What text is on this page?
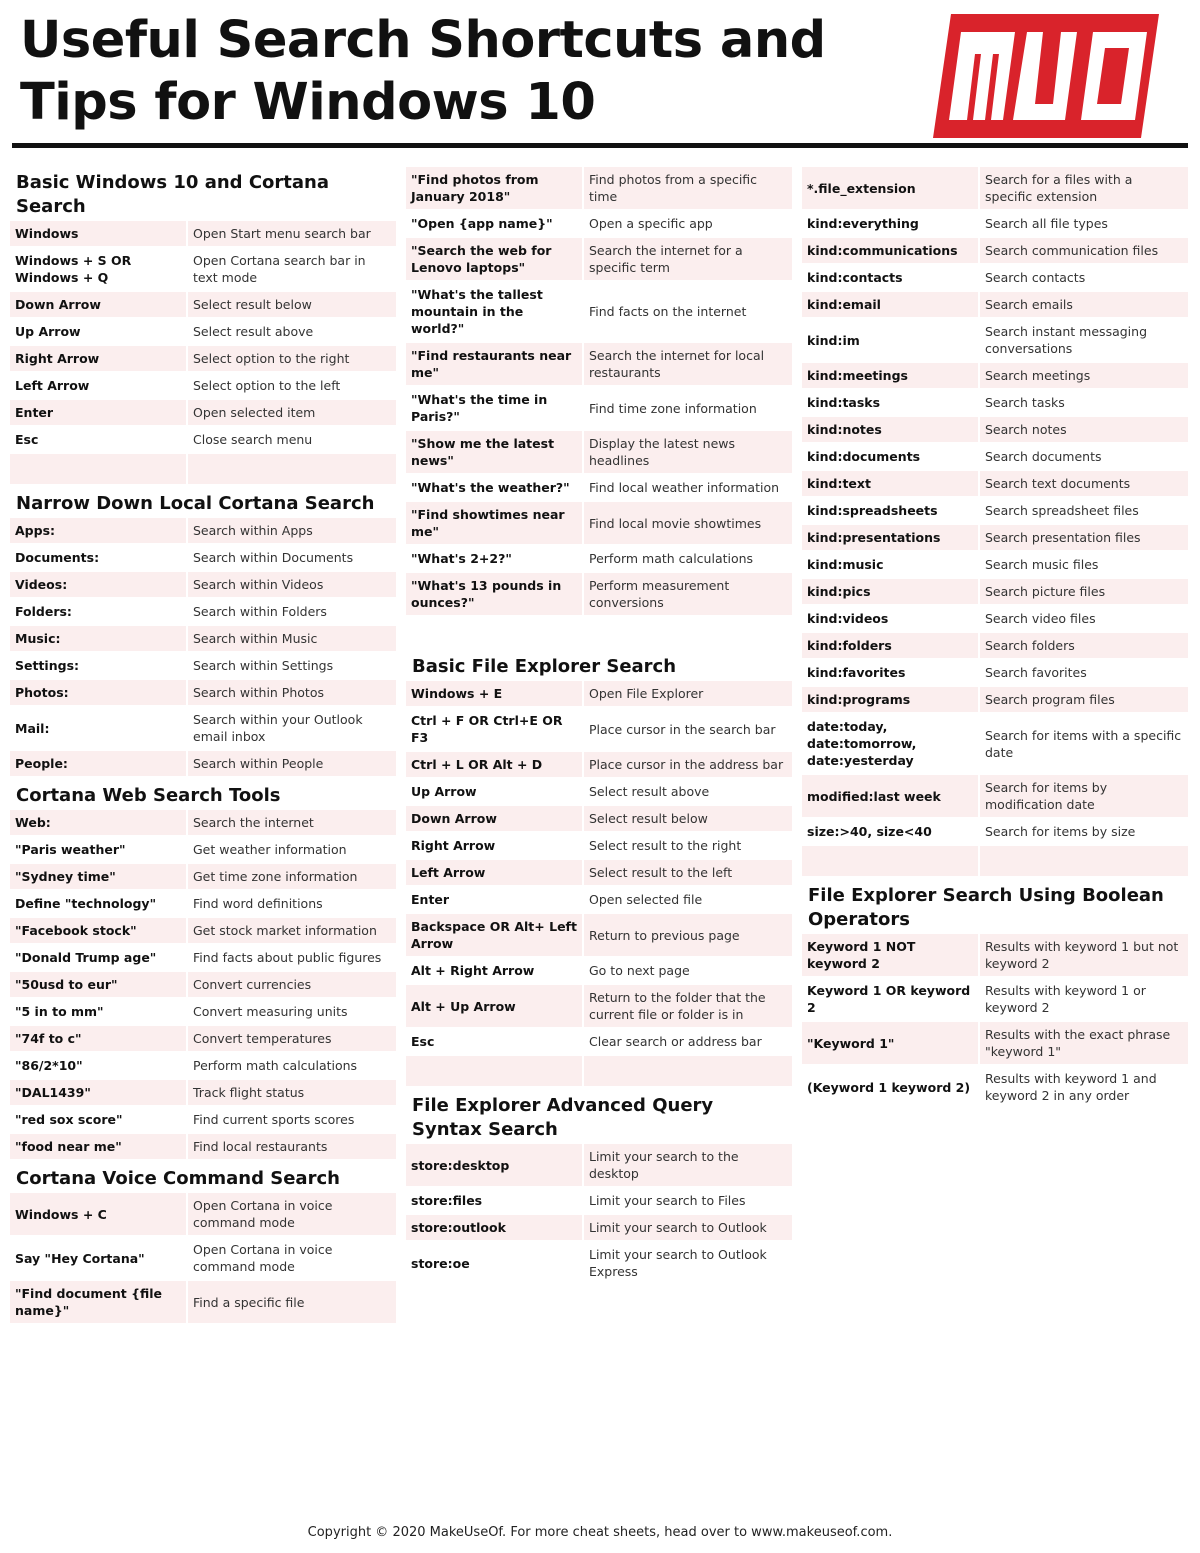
Useful Search Shortcuts and
Tips for Windows 10
Basic Windows 10 and Cortana Search
Windows	Open Start menu search bar
Windows + S OR Windows + Q	Open Cortana search bar in text mode
Down Arrow	Select result below
Up Arrow	Select result above
Right Arrow	Select option to the right
Left Arrow	Select option to the left
Enter	Open selected item
Esc	Close search menu

Narrow Down Local Cortana Search
Apps:	Search within Apps
Documents:	Search within Documents
Videos:	Search within Videos
Folders:	Search within Folders
Music:	Search within Music
Settings:	Search within Settings
Photos:	Search within Photos
Mail:	Search within your Outlook email inbox
People:	Search within People
Cortana Web Search Tools
Web:	Search the internet
"Paris weather"	Get weather information
"Sydney time"	Get time zone information
Define "technology"	Find word definitions
"Facebook stock"	Get stock market information
"Donald Trump age"	Find facts about public figures
"50usd to eur"	Convert currencies
"5 in to mm"	Convert measuring units
"74f to c"	Convert temperatures
"86/2*10"	Perform math calculations
"DAL1439"	Track flight status
"red sox score"	Find current sports scores
"food near me"	Find local restaurants
Cortana Voice Command Search
Windows + C	Open Cortana in voice command mode
Say "Hey Cortana"	Open Cortana in voice command mode
"Find document {file name}"	Find a specific file
"Find photos from January 2018"	Find photos from a specific time
"Open {app name}"	Open a specific app
"Search the web for Lenovo laptops"	Search the internet for a specific term
"What's the tallest mountain in the world?"	Find facts on the internet
"Find restaurants near me"	Search the internet for local restaurants
"What's the time in Paris?"	Find time zone information
"Show me the latest news"	Display the latest news headlines
"What's the weather?"	Find local weather information
"Find showtimes near me"	Find local movie showtimes
"What's 2+2?"	Perform math calculations
"What's 13 pounds in ounces?"	Perform measurement conversions

Basic File Explorer Search
Windows + E	Open File Explorer
Ctrl + F OR Ctrl+E OR F3	Place cursor in the search bar
Ctrl + L OR Alt + D	Place cursor in the address bar
Up Arrow	Select result above
Down Arrow	Select result below
Right Arrow	Select result to the right
Left Arrow	Select result to the left
Enter	Open selected file
Backspace OR Alt+ Left Arrow	Return to previous page
Alt + Right Arrow	Go to next page
Alt + Up Arrow	Return to the folder that the current file or folder is in
Esc	Clear search or address bar

File Explorer Advanced Query Syntax Search
store:desktop	Limit your search to the desktop
store:files	Limit your search to Files
store:outlook	Limit your search to Outlook
store:oe	Limit your search to Outlook Express
*.file_extension	Search for a files with a specific extension
kind:everything	Search all file types
kind:communications	Search communication files
kind:contacts	Search contacts
kind:email	Search emails
kind:im	Search instant messaging conversations
kind:meetings	Search meetings
kind:tasks	Search tasks
kind:notes	Search notes
kind:documents	Search documents
kind:text	Search text documents
kind:spreadsheets	Search spreadsheet files
kind:presentations	Search presentation files
kind:music	Search music files
kind:pics	Search picture files
kind:videos	Search video files
kind:folders	Search folders
kind:favorites	Search favorites
kind:programs	Search program files
date:today, date:tomorrow, date:yesterday	Search for items with a specific date
modified:last week	Search for items by modification date
size:>40, size<40	Search for items by size

File Explorer Search Using Boolean Operators
Keyword 1 NOT keyword 2	Results with keyword 1 but not keyword 2
Keyword 1 OR keyword 2	Results with keyword 1 or keyword 2
"Keyword 1"	Results with the exact phrase "keyword 1"
(Keyword 1 keyword 2)	Results with keyword 1 and keyword 2 in any order
Copyright © 2020 MakeUseOf. For more cheat sheets, head over to www.makeuseof.com.
